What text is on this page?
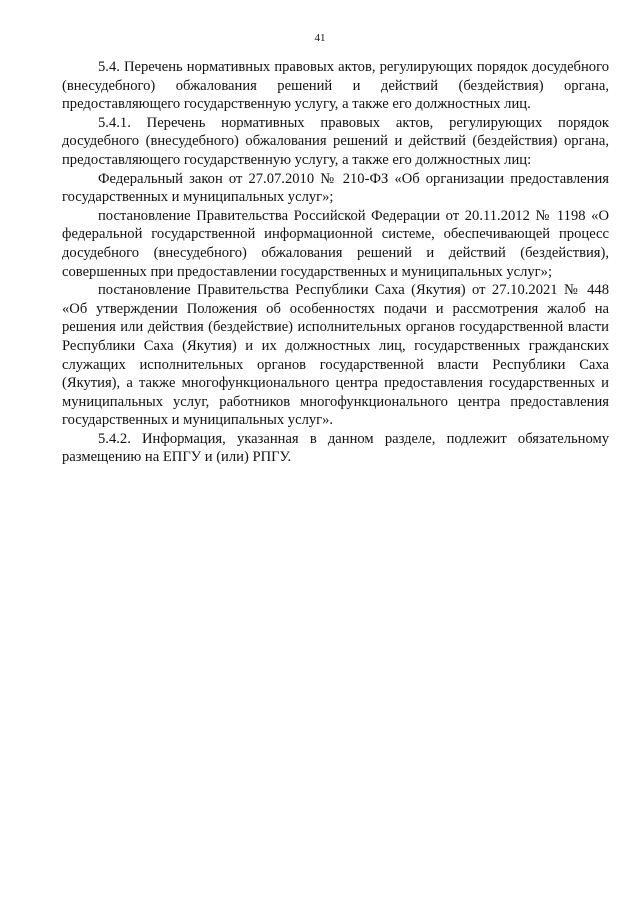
41

5.4. Перечень нормативных правовых актов, регулирующих порядок досудебного (внесудебного) обжалования решений и действий (бездействия) органа, предоставляющего государственную услугу, а также его должностных лиц.

5.4.1. Перечень нормативных правовых актов, регулирующих порядок досудебного (внесудебного) обжалования решений и действий (бездействия) органа, предоставляющего государственную услугу, а также его должностных лиц:

Федеральный закон от 27.07.2010 № 210-ФЗ «Об организации предоставления государственных и муниципальных услуг»;

постановление Правительства Российской Федерации от 20.11.2012 № 1198 «О федеральной государственной информационной системе, обеспечивающей процесс досудебного (внесудебного) обжалования решений и действий (бездействия), совершенных при предоставлении государственных и муниципальных услуг»;

постановление Правительства Республики Саха (Якутия) от 27.10.2021 № 448 «Об утверждении Положения об особенностях подачи и рассмотрения жалоб на решения или действия (бездействие) исполнительных органов государственной власти Республики Саха (Якутия) и их должностных лиц, государственных гражданских служащих исполнительных органов государственной власти Республики Саха (Якутия), а также многофункционального центра предоставления государственных и муниципальных услуг, работников многофункционального центра предоставления государственных и муниципальных услуг».

5.4.2. Информация, указанная в данном разделе, подлежит обязательному размещению на ЕПГУ и (или) РПГУ.
